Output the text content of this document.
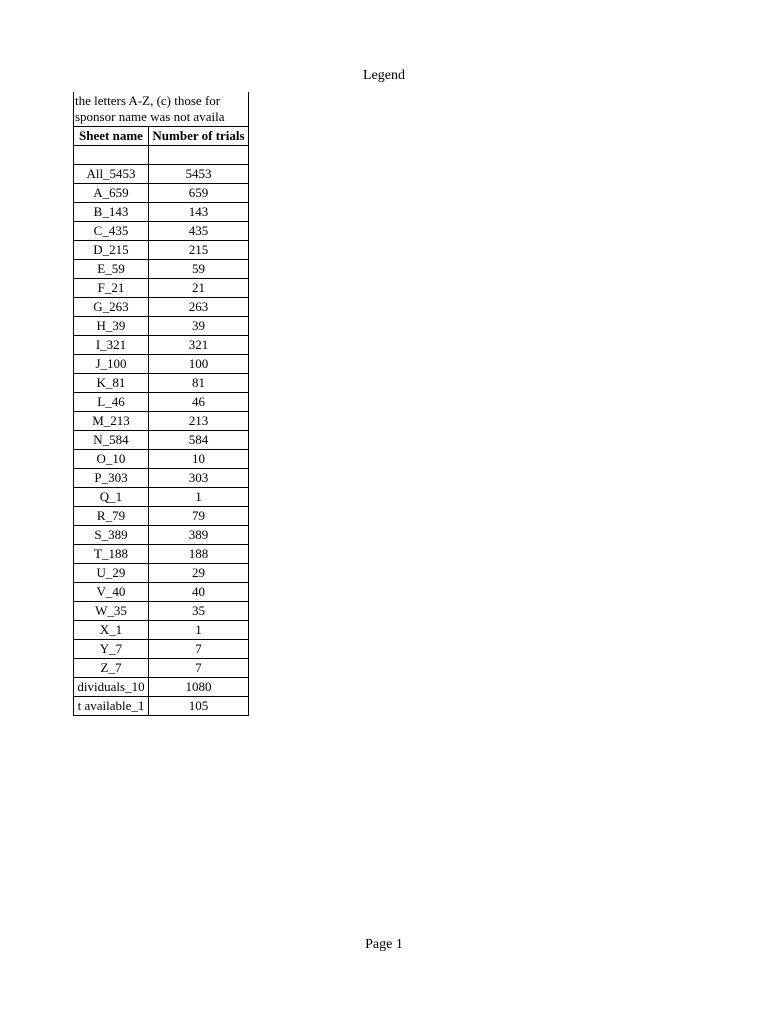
Legend
the letters A-Z, (c) those for
sponsor name was not availa
Sheet name	Number of trials

All_5453	5453
A_659	659
B_143	143
C_435	435
D_215	215
E_59	59
F_21	21
G_263	263
H_39	39
I_321	321
J_100	100
K_81	81
L_46	46
M_213	213
N_584	584
O_10	10
P_303	303
Q_1	1
R_79	79
S_389	389
T_188	188
U_29	29
V_40	40
W_35	35
X_1	1
Y_7	7
Z_7	7
dividuals_10	1080
t available_1	105
Page 1
